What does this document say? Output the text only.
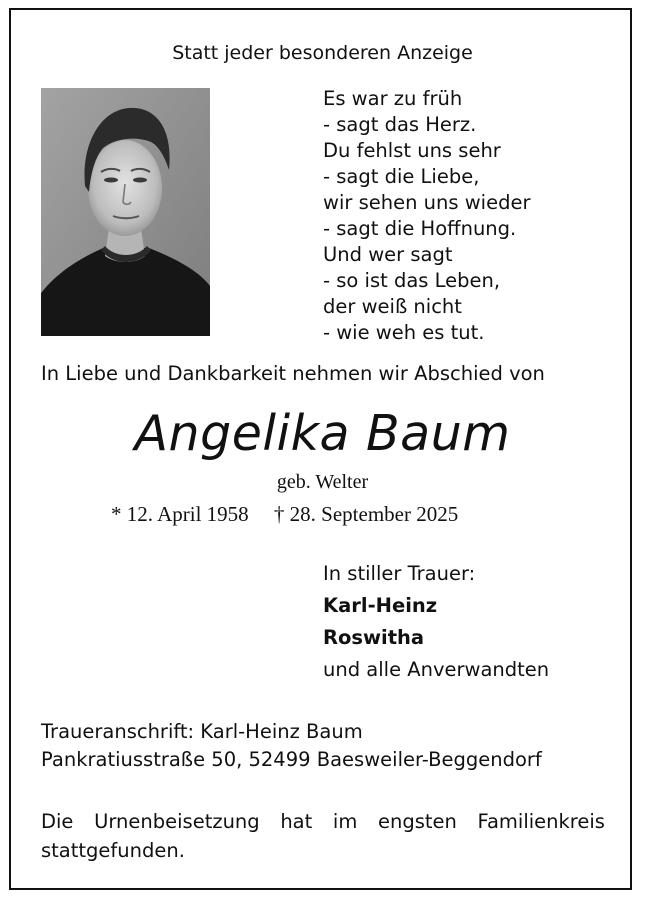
Statt jeder besonderen Anzeige
Es war zu früh
- sagt das Herz.
Du fehlst uns sehr
- sagt die Liebe,
wir sehen uns wieder
- sagt die Hoffnung.
Und wer sagt
- so ist das Leben,
der weiß nicht
- wie weh es tut.
In Liebe und Dankbarkeit nehmen wir Abschied von
Angelika Baum
geb. Welter
* 12. April 1958 † 28. September 2025
In stiller Trauer:
Karl-Heinz
Roswitha
und alle Anverwandten
Traueranschrift: Karl-Heinz Baum
Pankratiusstraße 50, 52499 Baesweiler-Beggendorf
Die Urnenbeisetzung hat im engsten Familienkreis
stattgefunden.
